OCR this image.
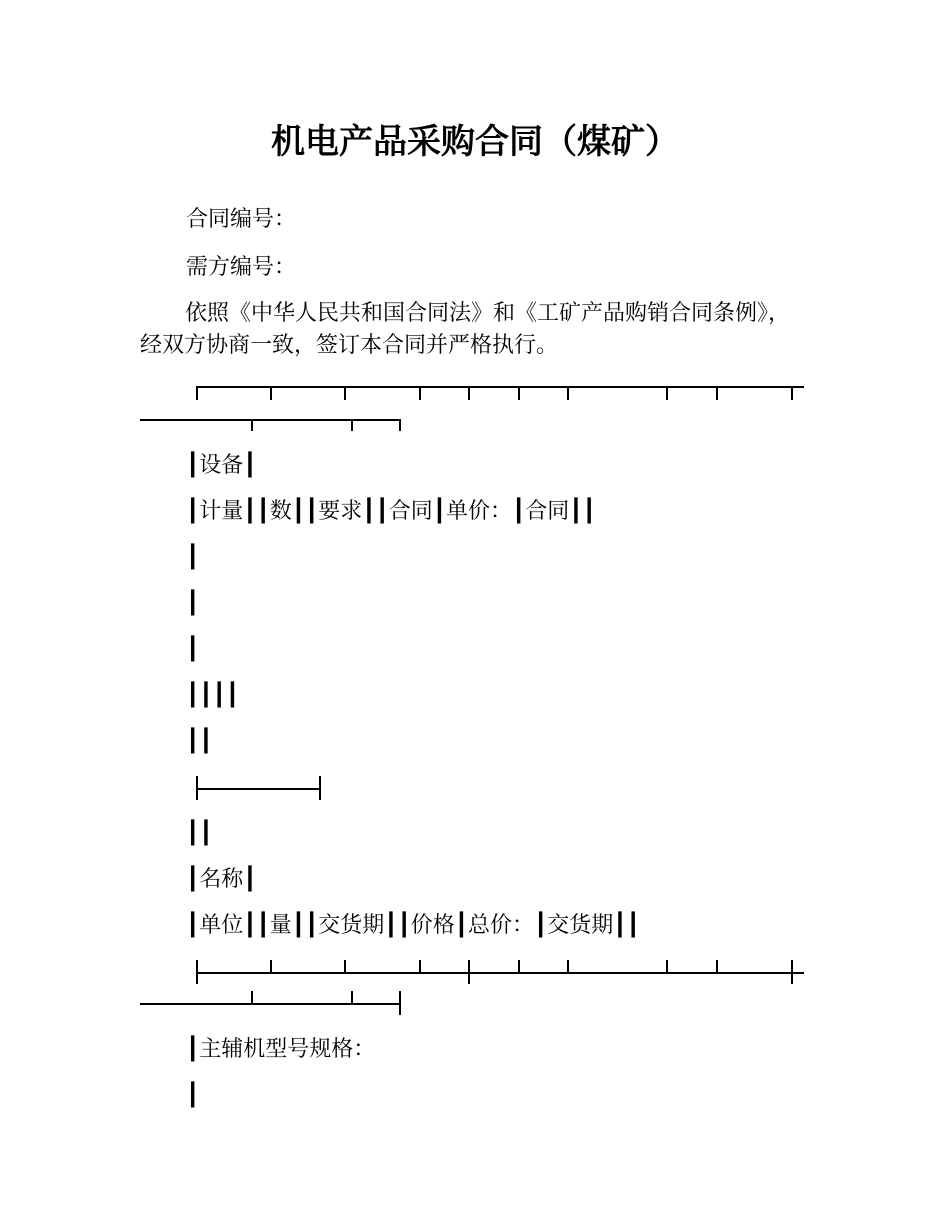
机电产品采购合同（煤矿）

合同编号：

需方编号：

依照《中华人民共和国合同法》和《工矿产品购销合同条例》，经双方协商一致，签订本合同并严格执行。

┃设备┃

┃计量┃┃数┃┃要求┃┃合同┃单价：┃合同┃┃

┃

┃

┃

┃┃┃┃

┃┃

┃┃

┃名称┃

┃单位┃┃量┃┃交货期┃┃价格┃总价：┃交货期┃┃

┃主辅机型号规格：

┃
